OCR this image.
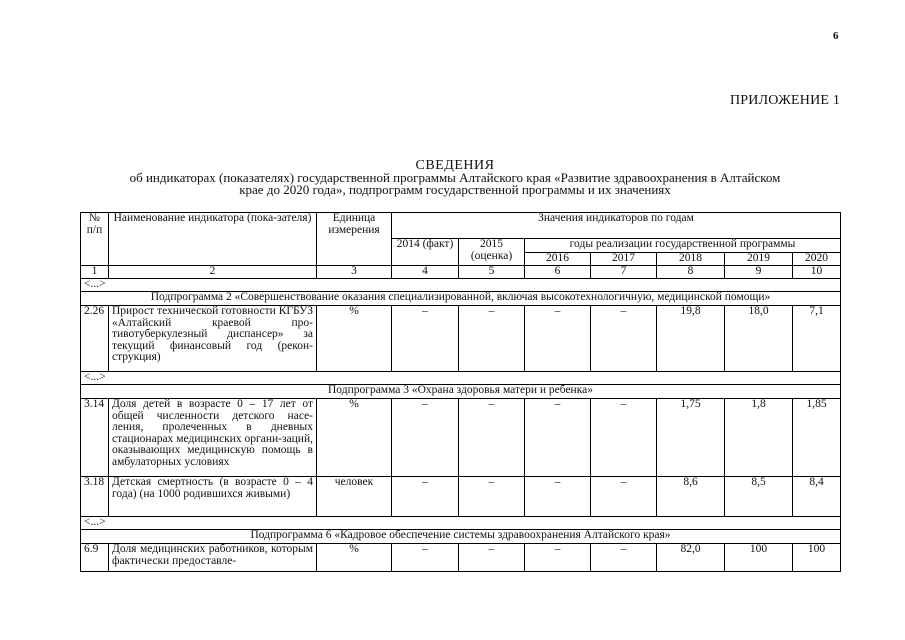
6
ПРИЛОЖЕНИЕ 1
СВЕДЕНИЯ
об индикаторах (показателях) государственной программы Алтайского края «Развитие здравоохранения в Алтайском
крае до 2020 года», подпрограмм государственной программы и их значениях
№ п/п	Наименование индикатора (пока-зателя)	Единица измерения	Значения индикаторов по годам						
			2014 (факт)	2015 (оценка)	годы реализации государственной программы				
					2016	2017	2018	2019	2020
1	2	3	4	5	6	7	8	9	10
<...>									
Подпрограмма 2 «Совершенствование оказания специализированной, включая высокотехнологичную, медицинской помощи»									
2.26	Прирост технической готовности КГБУЗ «Алтайский краевой про-тивотуберкулезный диспансер» за текущий финансовый год (рекон-струкция)	%	–	–	–	–	19,8	18,0	7,1
<...>									
Подпрограмма 3 «Охрана здоровья матери и ребенка»									
3.14	Доля детей в возрасте 0 – 17 лет от общей численности детского насе-ления, пролеченных в дневных стационарах медицинских органи-заций, оказывающих медицинскую помощь в амбулаторных условиях	%	–	–	–	–	1,75	1,8	1,85
3.18	Детская смертность (в возрасте 0 – 4 года) (на 1000 родившихся живыми)	человек	–	–	–	–	8,6	8,5	8,4
<...>									
Подпрограмма 6 «Кадровое обеспечение системы здравоохранения Алтайского края»									
6.9	Доля медицинских работников, которым фактически предоставле-	%	–	–	–	–	82,0	100	100
